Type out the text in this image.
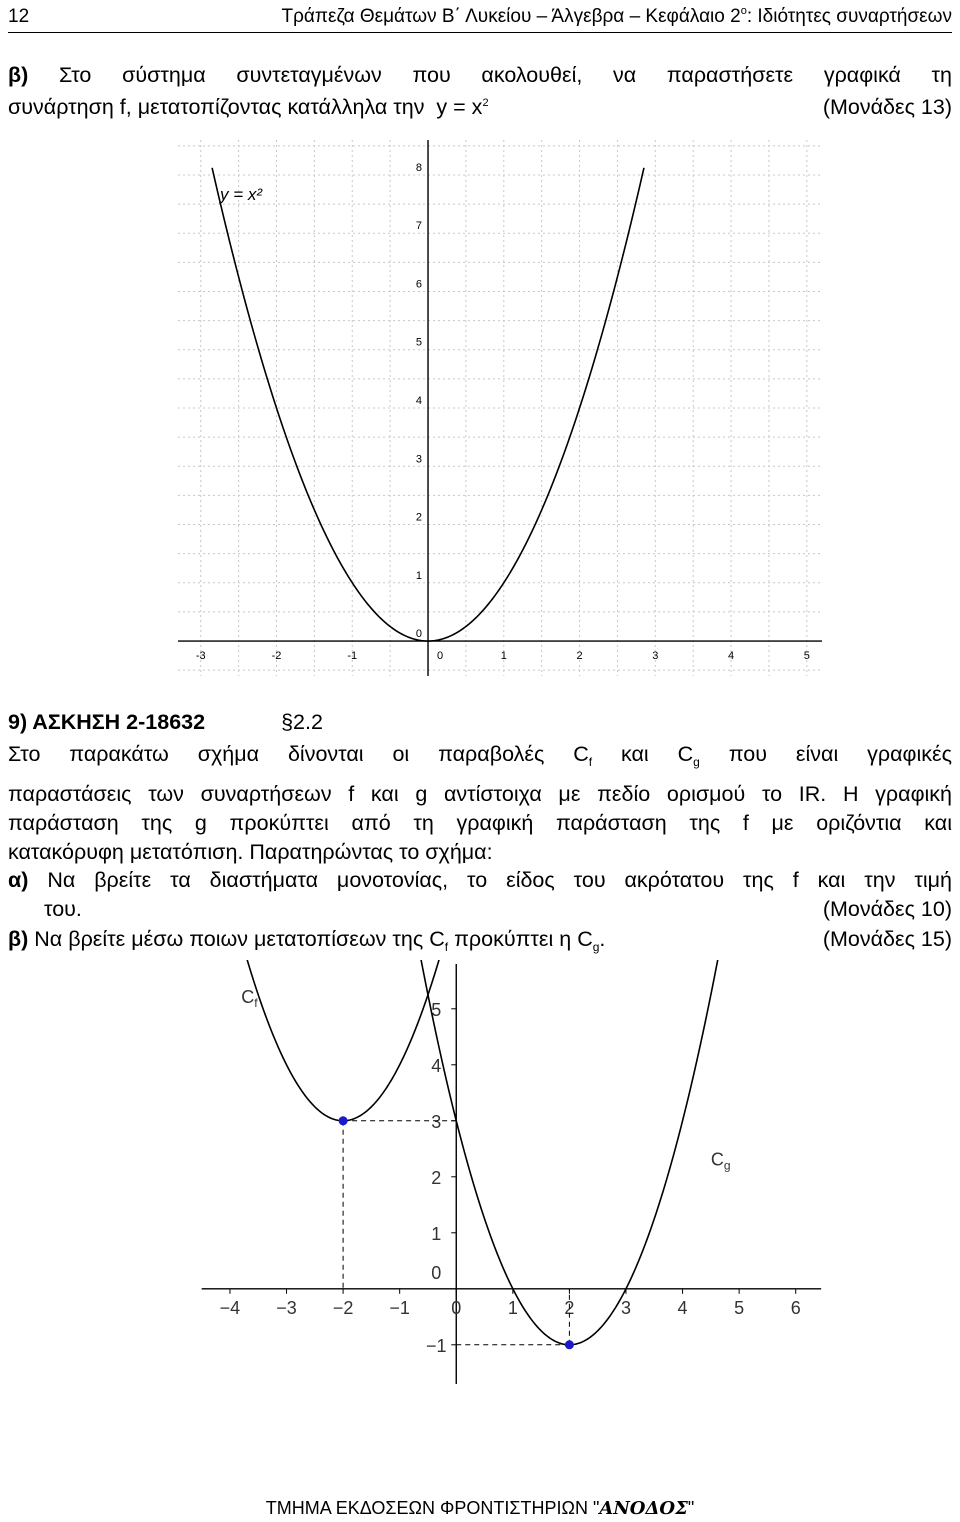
12	Τράπεζα Θεμάτων Β΄ Λυκείου – Άλγεβρα – Κεφάλαιο $2^o$: Ιδιότητες συναρτήσεων
β) Στο σύστημα συντεταγμένων που ακολουθεί, να παραστήσετε γραφικά τη
συνάρτηση f, μετατοπίζοντας κατάλληλα την $y = x^2$	(Μονάδες 13)
-3	-2	-1	0	1	2	3	4	5
0
1
2
3
4
5
6
7
8
y = x²
9) ΑΣΚΗΣΗ 2-18632	§2.2
Στο παρακάτω σχήμα δίνονται οι παραβολές $C_f$ και $C_g$ που είναι γραφικές
παραστάσεις των συναρτήσεων f και g αντίστοιχα με πεδίο ορισμού το IR. Η γραφική
παράσταση της g προκύπτει από τη γραφική παράσταση της f με οριζόντια και
κατακόρυφη μετατόπιση. Παρατηρώντας το σχήμα:
α) Να βρείτε τα διαστήματα μονοτονίας, το είδος του ακρότατου της f και την τιμή
του.	(Μονάδες 10)
β) Να βρείτε μέσω ποιων μετατοπίσεων της $C_f$ προκύπτει η $C_g$.	(Μονάδες 15)
−4 −3 −2 −1 0	1	2	3	4	5	6
−1
0
1
2
3
4
5
$C_f$
$C_g$
ΤΜΗΜΑ ΕΚΔΟΣΕΩΝ ΦΡΟΝΤΙΣΤΗΡΙΩΝ "ΑΝΟΔΟΣ"
